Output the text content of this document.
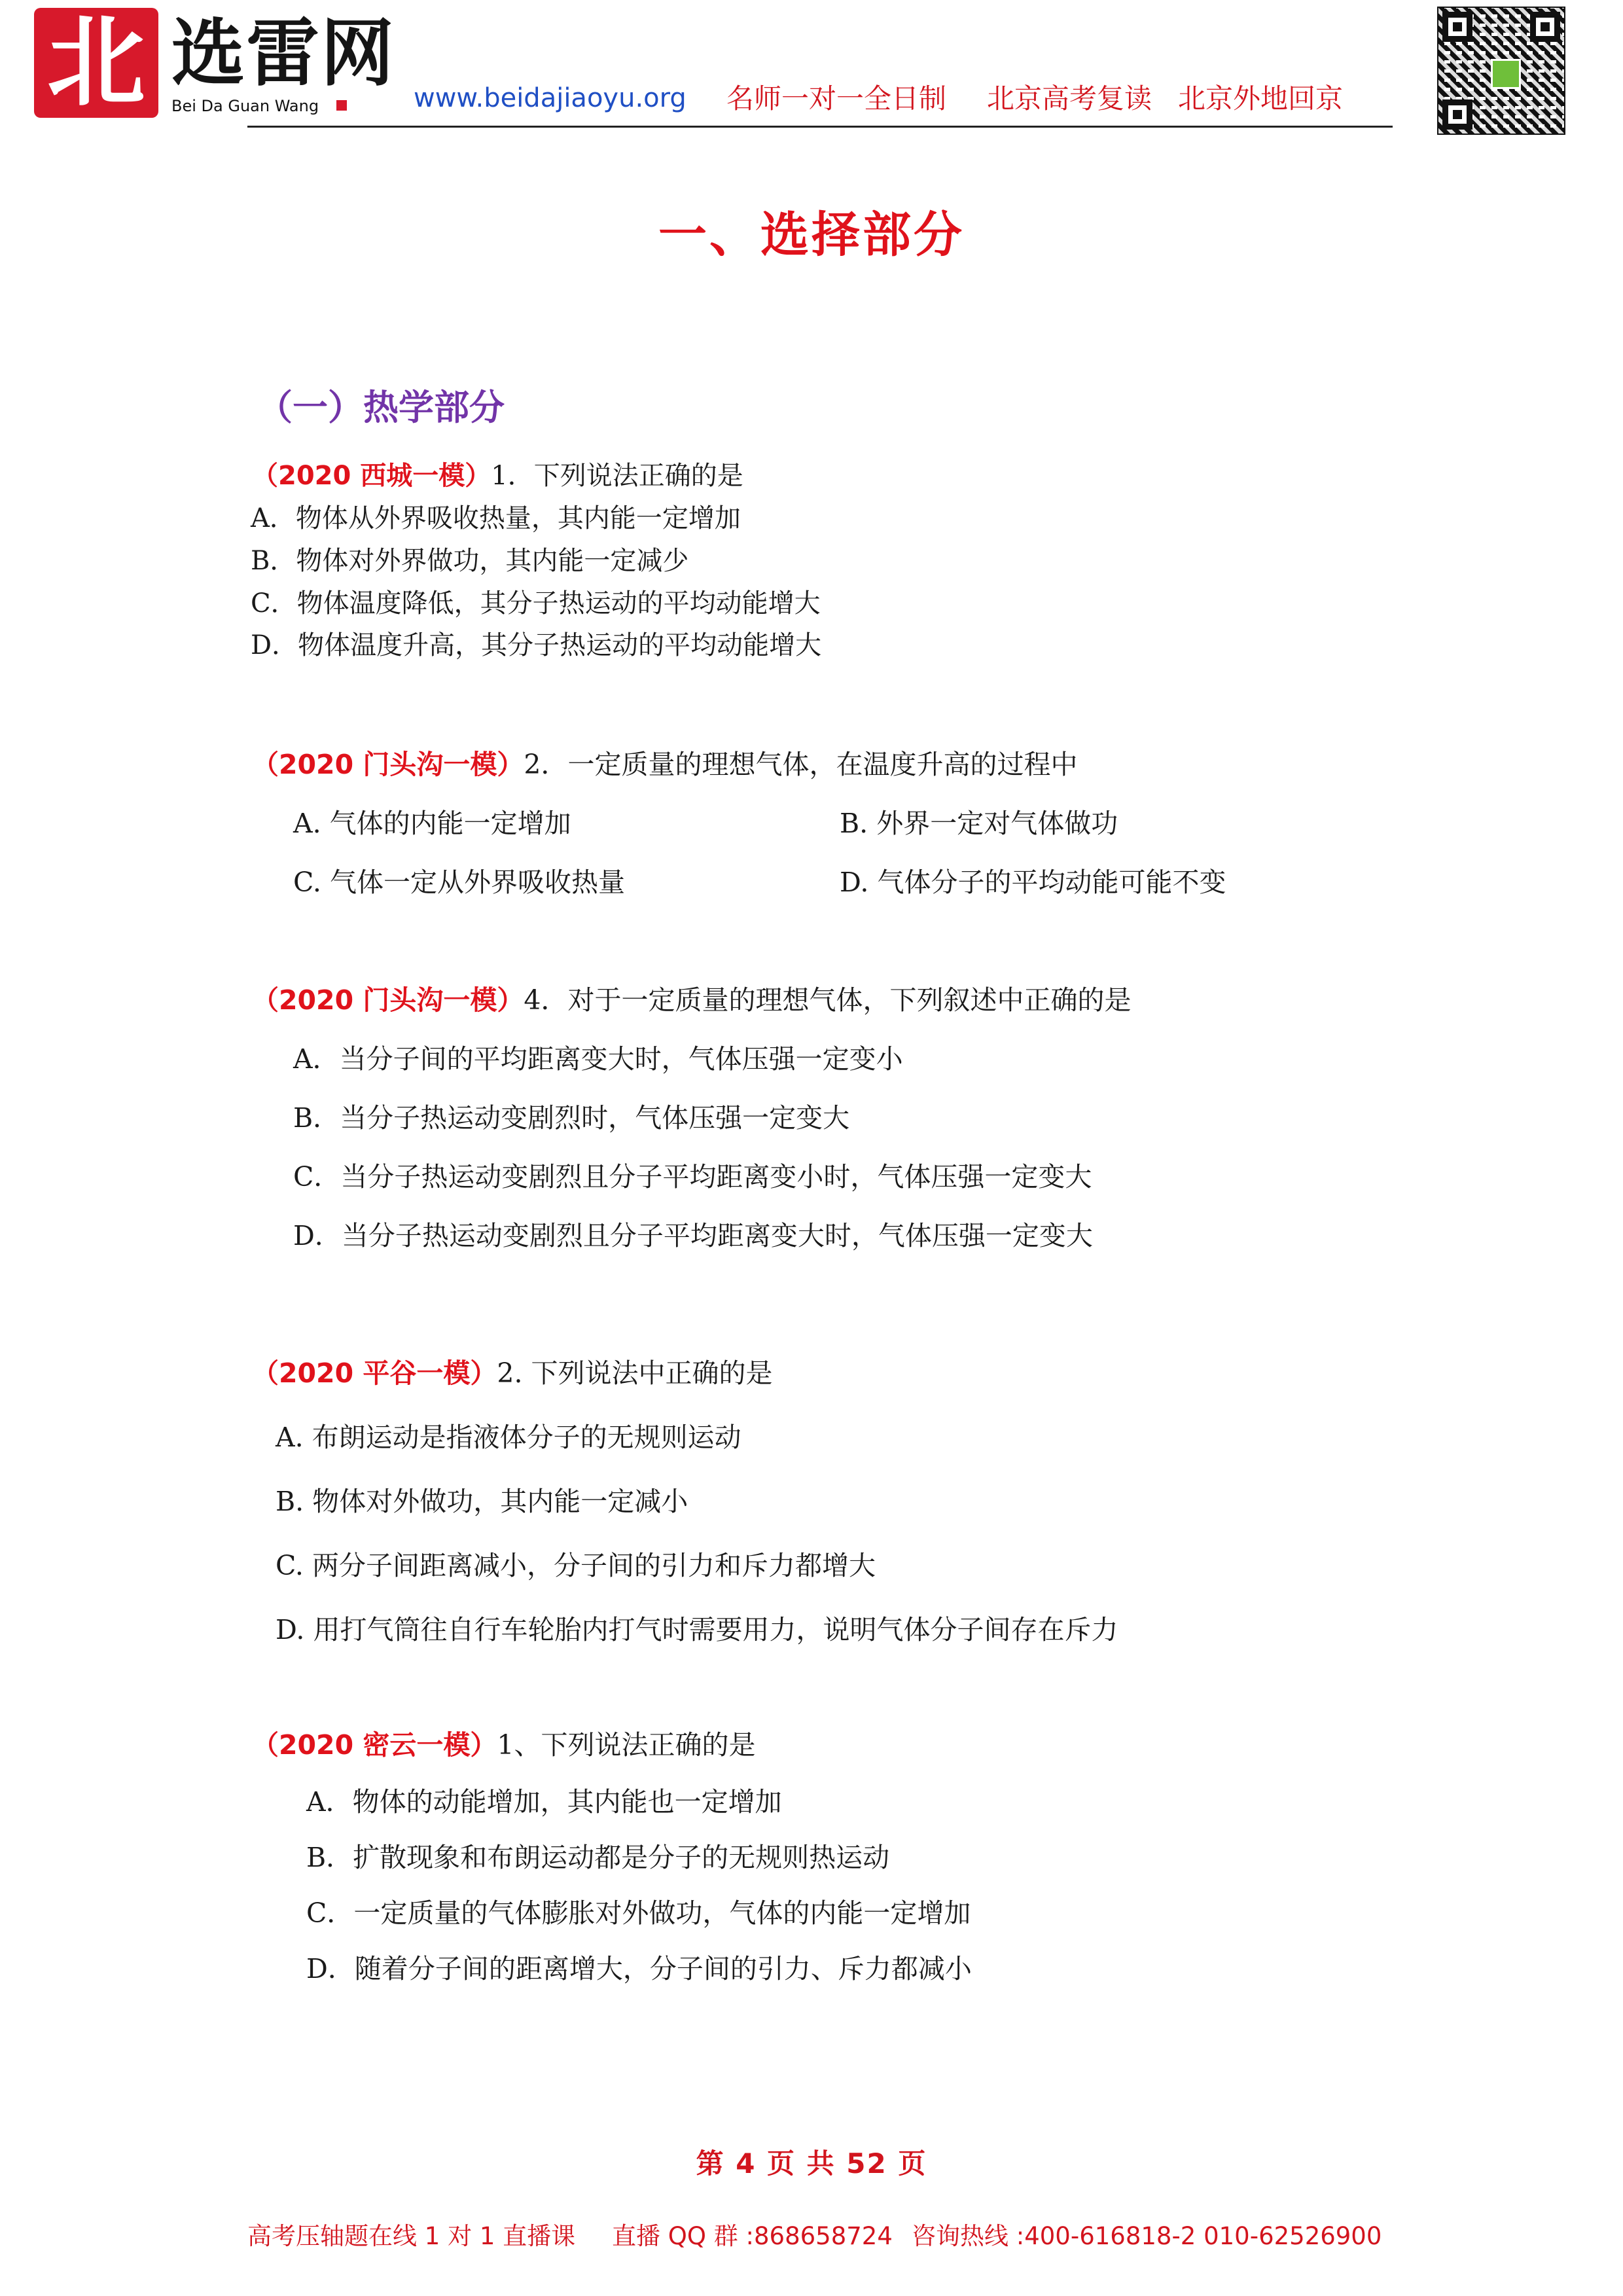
北 选雷网
Bei Da Guan Wang	www.beidajiaoyu.org 名师一对一全日制 北京高考复读 北京外地回京
一、选择部分
（一）热学部分
（2020 西城一模）1．下列说法正确的是
A．物体从外界吸收热量，其内能一定增加
B．物体对外界做功，其内能一定减少
C．物体温度降低，其分子热运动的平均动能增大
D．物体温度升高，其分子热运动的平均动能增大
（2020 门头沟一模）2．一定质量的理想气体，在温度升高的过程中
A. 气体的内能一定增加	B. 外界一定对气体做功
C. 气体一定从外界吸收热量	D. 气体分子的平均动能可能不变
（2020 门头沟一模）4．对于一定质量的理想气体，下列叙述中正确的是
A．当分子间的平均距离变大时，气体压强一定变小
B．当分子热运动变剧烈时，气体压强一定变大
C．当分子热运动变剧烈且分子平均距离变小时，气体压强一定变大
D．当分子热运动变剧烈且分子平均距离变大时，气体压强一定变大
（2020 平谷一模）2. 下列说法中正确的是
A. 布朗运动是指液体分子的无规则运动
B. 物体对外做功，其内能一定减小
C. 两分子间距离减小，分子间的引力和斥力都增大
D. 用打气筒往自行车轮胎内打气时需要用力，说明气体分子间存在斥力
（2020 密云一模）1、下列说法正确的是
A．物体的动能增加，其内能也一定增加
B．扩散现象和布朗运动都是分子的无规则热运动
C．一定质量的气体膨胀对外做功，气体的内能一定增加
D．随着分子间的距离增大，分子间的引力、斥力都减小
第 4 页 共 52 页
高考压轴题在线 1 对 1 直播课 直播 QQ 群 :868658724 咨询热线 :400-616818-2 010-62526900
